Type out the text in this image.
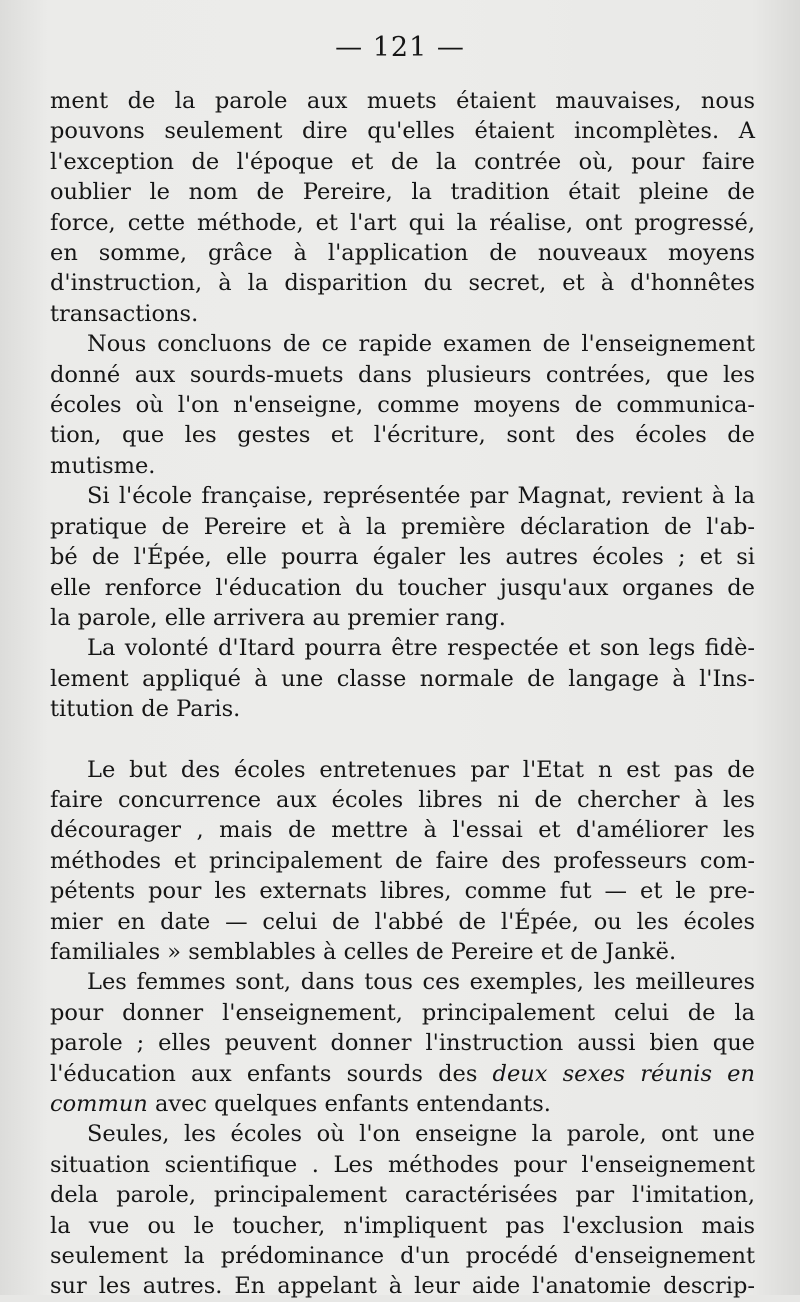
— 121 —

ment de la parole aux muets étaient mauvaises, nous
pouvons seulement dire qu'elles étaient incomplètes. A
l'exception de l'époque et de la contrée où, pour faire
oublier le nom de Pereire, la tradition était pleine de
force, cette méthode, et l'art qui la réalise, ont progressé,
en somme, grâce à l'application de nouveaux moyens
d'instruction, à la disparition du secret, et à d'honnêtes
transactions.

Nous concluons de ce rapide examen de l'enseignement
donné aux sourds-muets dans plusieurs contrées, que les
écoles où l'on n'enseigne, comme moyens de communica-
tion, que les gestes et l'écriture, sont des écoles de
mutisme.

Si l'école française, représentée par Magnat, revient à la
pratique de Pereire et à la première déclaration de l'ab-
bé de l'Épée, elle pourra égaler les autres écoles ; et si
elle renforce l'éducation du toucher jusqu'aux organes de
la parole, elle arrivera au premier rang.

La volonté d'Itard pourra être respectée et son legs fidè-
lement appliqué à une classe normale de langage à l'Ins-
titution de Paris.

Le but des écoles entretenues par l'Etat n est pas de
faire concurrence aux écoles libres ni de chercher à les
décourager , mais de mettre à l'essai et d'améliorer les
méthodes et principalement de faire des professeurs com-
pétents pour les externats libres, comme fut — et le pre-
mier en date — celui de l'abbé de l'Épée, ou les écoles
familiales » semblables à celles de Pereire et de Jankë.

Les femmes sont, dans tous ces exemples, les meilleures
pour donner l'enseignement, principalement celui de la
parole ; elles peuvent donner l'instruction aussi bien que
l'éducation aux enfants sourds des deux sexes réunis en
commun avec quelques enfants entendants.

Seules, les écoles où l'on enseigne la parole, ont une
situation scientifique . Les méthodes pour l'enseignement
dela parole, principalement caractérisées par l'imitation,
la vue ou le toucher, n'impliquent pas l'exclusion mais
seulement la prédominance d'un procédé d'enseignement
sur les autres. En appelant à leur aide l'anatomie descrip-
